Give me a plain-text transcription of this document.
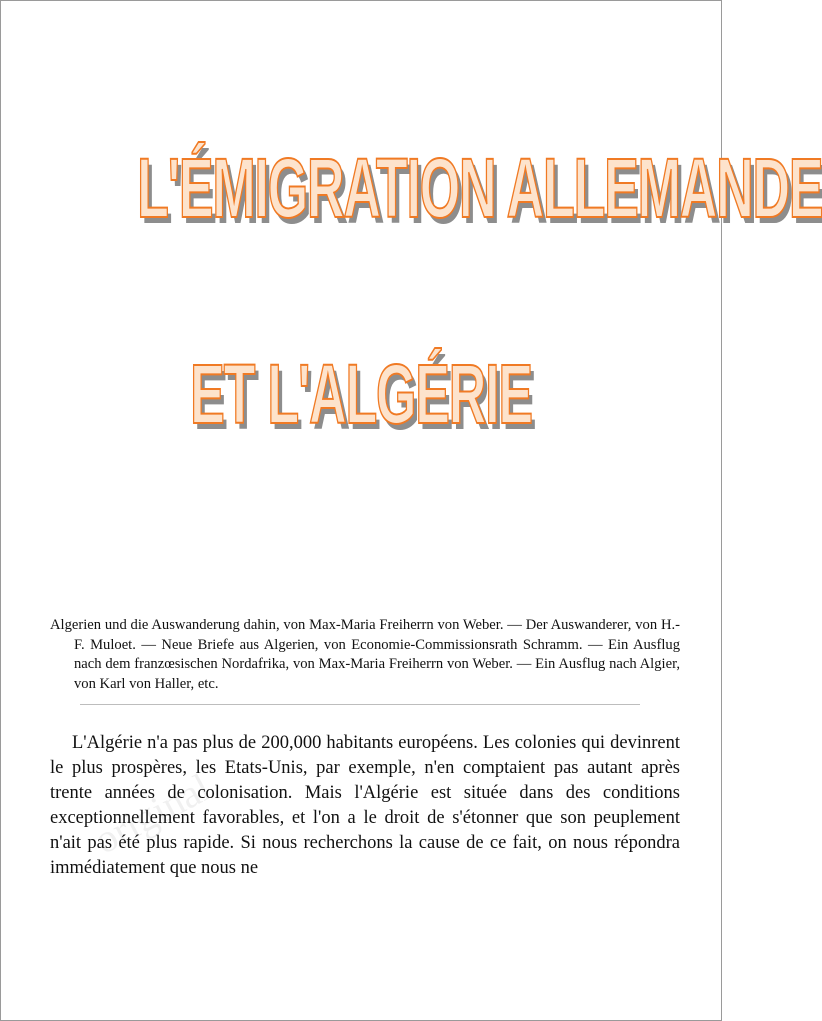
L'ÉMIGRATION ALLEMANDE
ET L'ALGÉRIE

Algerien und die Auswanderung dahin, von Max-Maria Freiherrn von Weber. — Der Auswanderer, von H.-F. Muloet. — Neue Briefe aus Algerien, von Economie-Commissionsrath Schramm. — Ein Ausflug nach dem franzœsischen Nordafrika, von Max-Maria Freiherrn von Weber. — Ein Ausflug nach Algier, von Karl von Haller, etc.

L'Algérie n'a pas plus de 200,000 habitants européens. Les colonies qui devinrent le plus prospères, les Etats-Unis, par exemple, n'en comptaient pas autant après trente années de colonisation. Mais l'Algérie est située dans des conditions exceptionnellement favorables, et l'on a le droit de s'étonner que son peuplement n'ait pas été plus rapide. Si nous recherchons la cause de ce fait, on nous répondra immédiatement que nous ne

original
